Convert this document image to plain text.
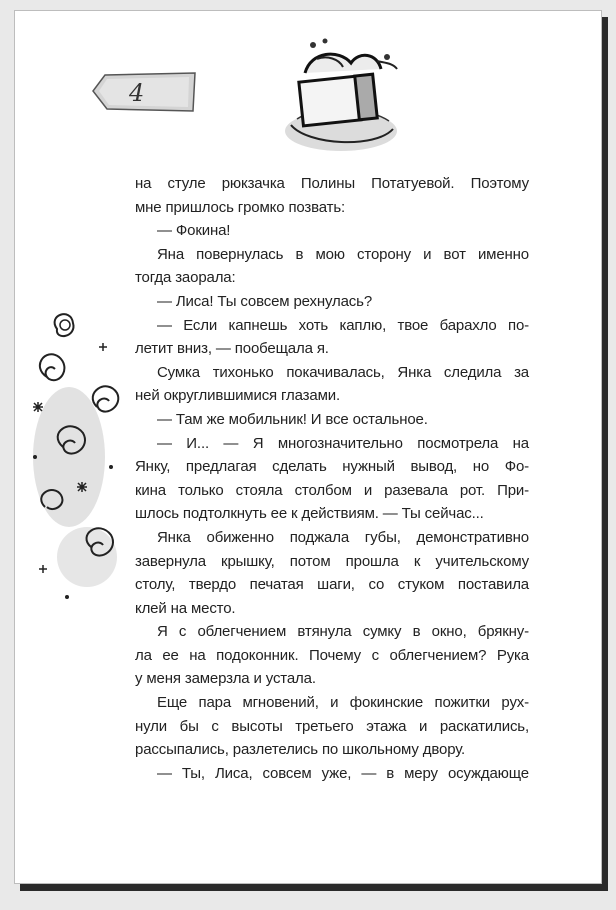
4

на стуле рюкзачка Полины Потатуевой. Поэтому

мне пришлось громко позвать:

— Фокина!

Яна повернулась в мою сторону и вот именно

тогда заорала:

— Лиса! Ты совсем рехнулась?

— Если капнешь хоть каплю, твое барахло по-

летит вниз, — пообещала я.

Сумка тихонько покачивалась, Янка следила за

ней округлившимися глазами.

— Там же мобильник! И все остальное.

— И... — Я многозначительно посмотрела на

Янку, предлагая сделать нужный вывод, но Фо-

кина только стояла столбом и разевала рот. При-

шлось подтолкнуть ее к действиям. — Ты сейчас...

Янка обиженно поджала губы, демонстративно

завернула крышку, потом прошла к учительскому

столу, твердо печатая шаги, со стуком поставила

клей на место.

Я с облегчением втянула сумку в окно, брякну-

ла ее на подоконник. Почему с облегчением? Рука

у меня замерзла и устала.

Еще пара мгновений, и фокинские пожитки рух-

нули бы с высоты третьего этажа и раскатились,

рассыпались, разлетелись по школьному двору.

— Ты, Лиса, совсем уже, — в меру осуждающе
